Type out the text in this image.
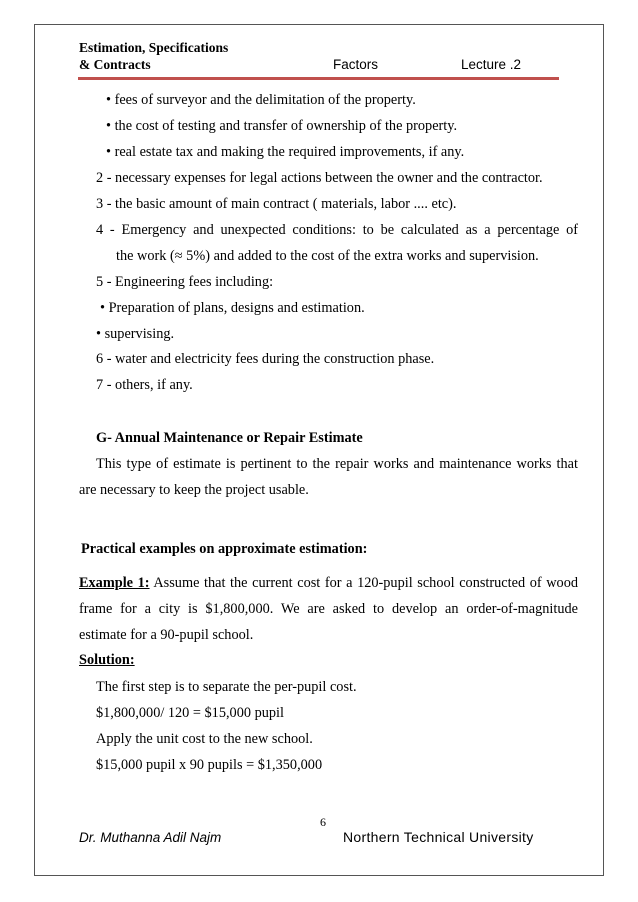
Estimation, Specifications
& Contracts	Factors	Lecture .2
• fees of surveyor and the delimitation of the property.
• the cost of testing and transfer of ownership of the property.
• real estate tax and making the required improvements, if any.
2 - necessary expenses for legal actions between the owner and the contractor.
3 - the basic amount of main contract ( materials, labor .... etc).
4 - Emergency and unexpected conditions: to be calculated as a percentage of
the work (≈ 5%) and added to the cost of the extra works and supervision.
5 - Engineering fees including:
• Preparation of plans, designs and estimation.
• supervising.
6 - water and electricity fees during the construction phase.
7 - others, if any.
G- Annual Maintenance or Repair Estimate
This type of estimate is pertinent to the repair works and maintenance works that
are necessary to keep the project usable.
Practical examples on approximate estimation:
Example 1: Assume that the current cost for a 120-pupil school constructed of wood
frame for a city is $1,800,000. We are asked to develop an order-of-magnitude
estimate for a 90-pupil school.
Solution:
The first step is to separate the per-pupil cost.
$1,800,000/ 120 = $15,000 pupil
Apply the unit cost to the new school.
$15,000 pupil x 90 pupils = $1,350,000
6
Dr. Muthanna Adil Najm	Northern Technical University
